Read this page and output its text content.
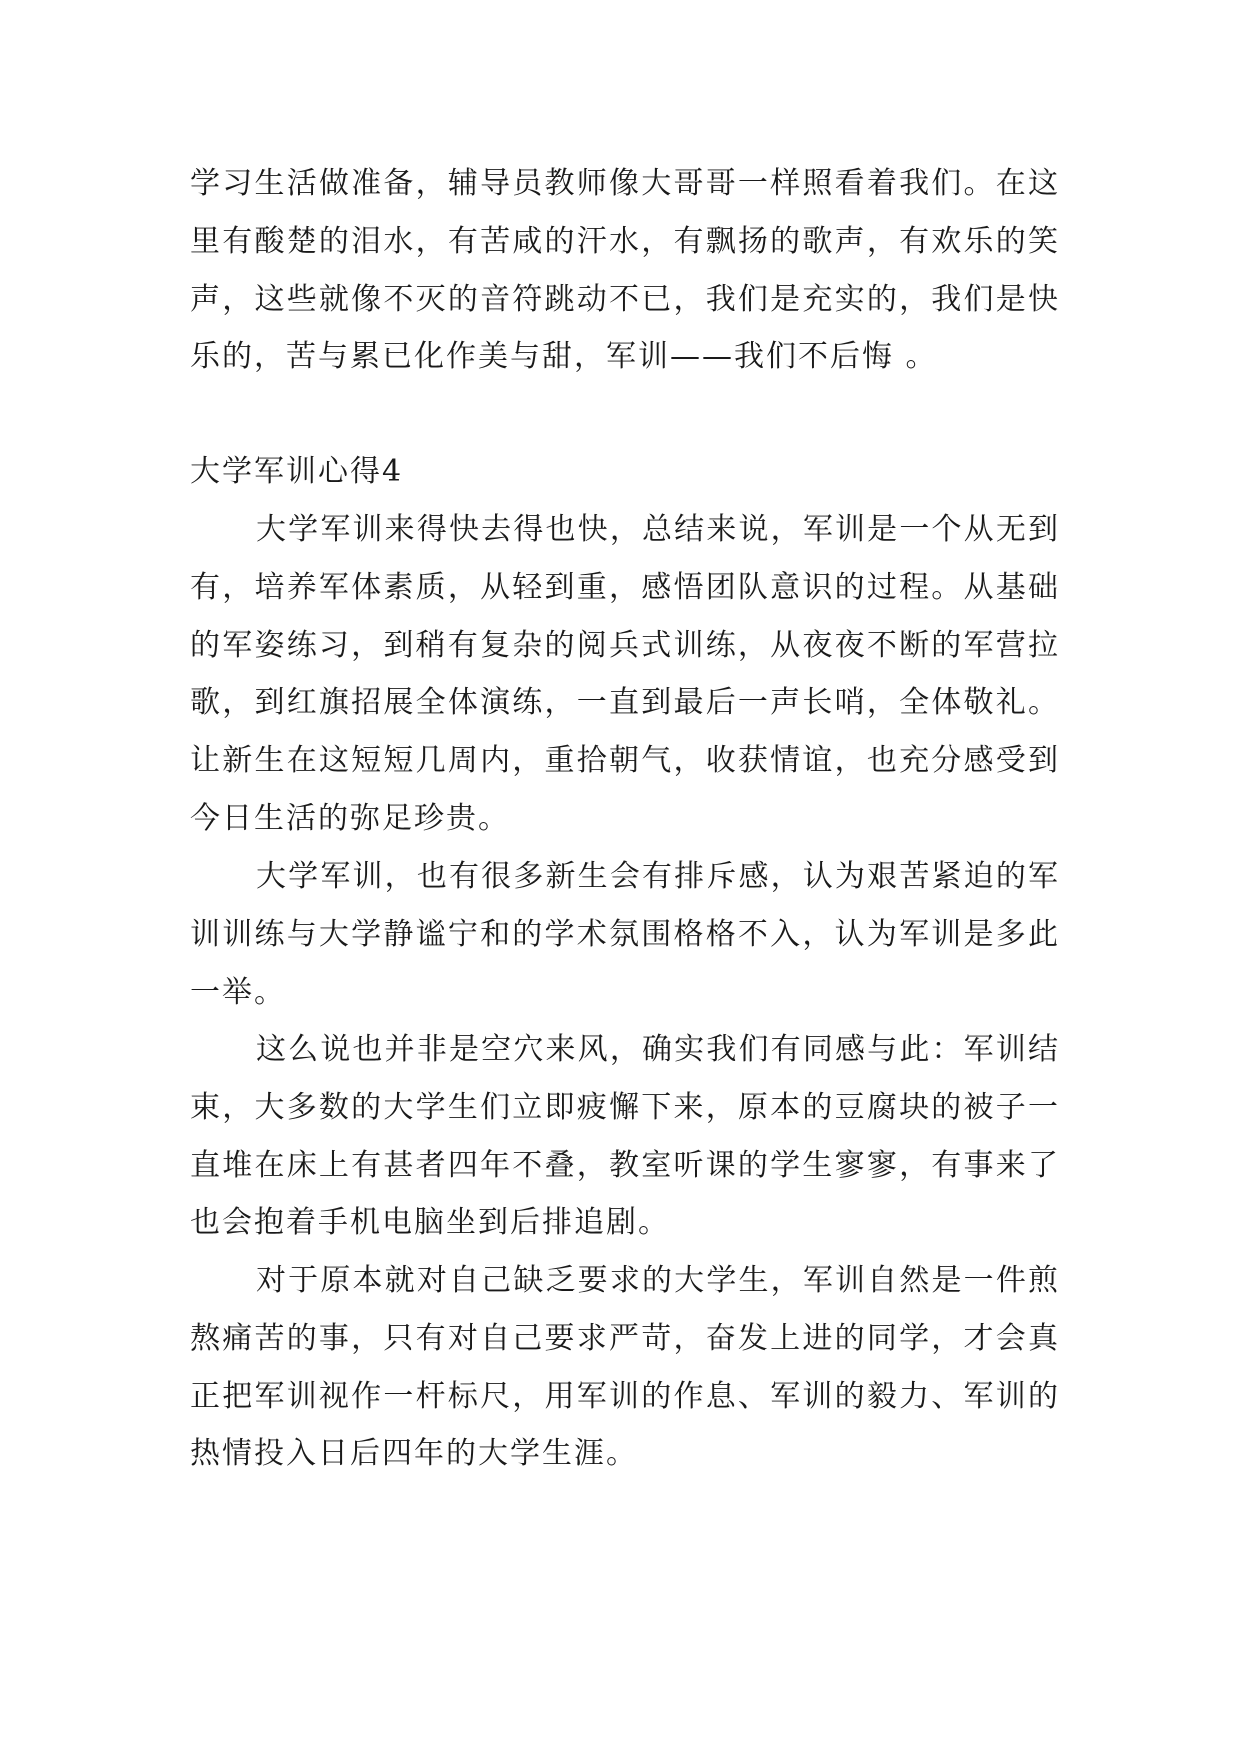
学习生活做准备，辅导员教师像大哥哥一样照看着我们。在这里有酸楚的泪水，有苦咸的汗水，有飘扬的歌声，有欢乐的笑声，这些就像不灭的音符跳动不已，我们是充实的，我们是快乐的，苦与累已化作美与甜，军训——我们不后悔 。

大学军训心得4

大学军训来得快去得也快，总结来说，军训是一个从无到有，培养军体素质，从轻到重，感悟团队意识的过程。从基础的军姿练习，到稍有复杂的阅兵式训练，从夜夜不断的军营拉歌，到红旗招展全体演练，一直到最后一声长哨，全体敬礼。让新生在这短短几周内，重拾朝气，收获情谊，也充分感受到今日生活的弥足珍贵。

大学军训，也有很多新生会有排斥感，认为艰苦紧迫的军训训练与大学静谧宁和的学术氛围格格不入，认为军训是多此一举。

这么说也并非是空穴来风，确实我们有同感与此：军训结束，大多数的大学生们立即疲懈下来，原本的豆腐块的被子一直堆在床上有甚者四年不叠，教室听课的学生寥寥，有事来了也会抱着手机电脑坐到后排追剧。

对于原本就对自己缺乏要求的大学生，军训自然是一件煎熬痛苦的事，只有对自己要求严苛，奋发上进的同学，才会真正把军训视作一杆标尺，用军训的作息、军训的毅力、军训的热情投入日后四年的大学生涯。
